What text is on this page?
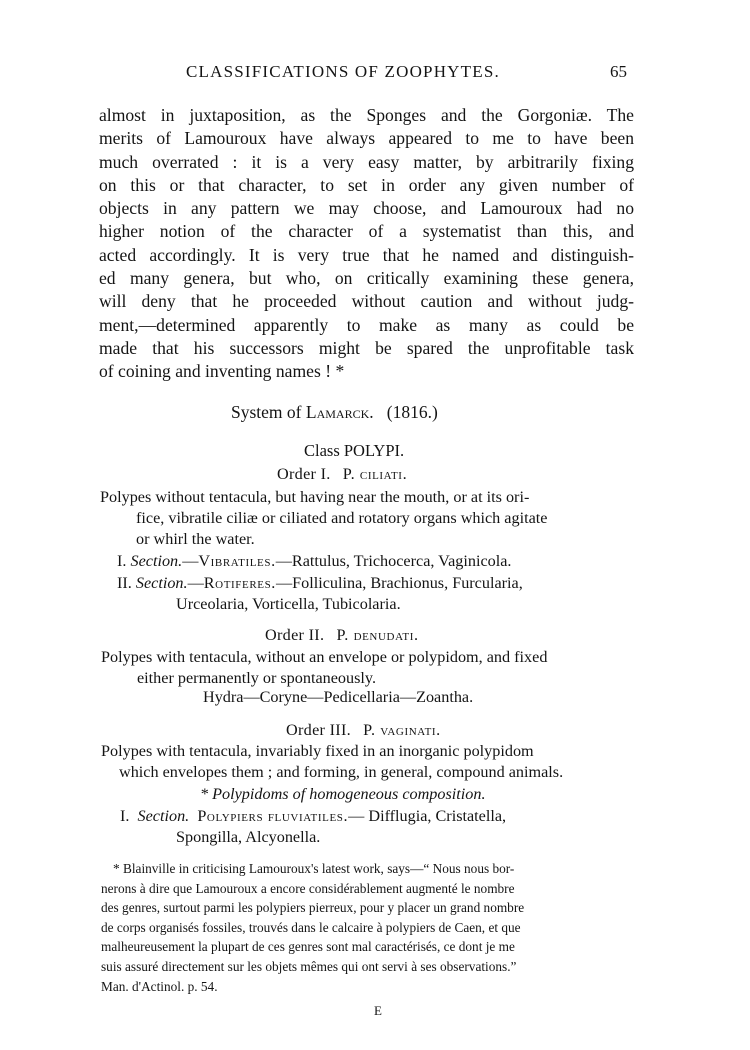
CLASSIFICATIONS OF ZOOPHYTES.	65
almost in juxtaposition, as the Sponges and the Gorgoniæ. The
merits of Lamouroux have always appeared to me to have been
much overrated : it is a very easy matter, by arbitrarily fixing
on this or that character, to set in order any given number of
objects in any pattern we may choose, and Lamouroux had no
higher notion of the character of a systematist than this, and
acted accordingly. It is very true that he named and distinguish-
ed many genera, but who, on critically examining these genera,
will deny that he proceeded without caution and without judg-
ment,—determined apparently to make as many as could be
made that his successors might be spared the unprofitable task
of coining and inventing names ! *
System of Lamarck. (1816.)
Class POLYPI.
Order I. P. ciliati.
Polypes without tentacula, but having near the mouth, or at its ori-
fice, vibratile ciliæ or ciliated and rotatory organs which agitate
or whirl the water.
I. Section.—Vibratiles.—Rattulus, Trichocerca, Vaginicola.
II. Section.—Rotiferes.—Folliculina, Brachionus, Furcularia,
Urceolaria, Vorticella, Tubicolaria.
Order II. P. denudati.
Polypes with tentacula, without an envelope or polypidom, and fixed
either permanently or spontaneously.
Hydra—Coryne—Pedicellaria—Zoantha.
Order III. P. vaginati.
Polypes with tentacula, invariably fixed in an inorganic polypidom
which envelopes them ; and forming, in general, compound animals.
* Polypidoms of homogeneous composition.
I. Section. Polypiers fluviatiles.— Difflugia, Cristatella,
Spongilla, Alcyonella.
* Blainville in criticising Lamouroux's latest work, says—“ Nous nous bor-
nerons à dire que Lamouroux a encore considérablement augmenté le nombre
des genres, surtout parmi les polypiers pierreux, pour y placer un grand nombre
de corps organisés fossiles, trouvés dans le calcaire à polypiers de Caen, et que
malheureusement la plupart de ces genres sont mal caractérisés, ce dont je me
suis assuré directement sur les objets mêmes qui ont servi à ses observations.”
Man. d'Actinol. p. 54.
E
